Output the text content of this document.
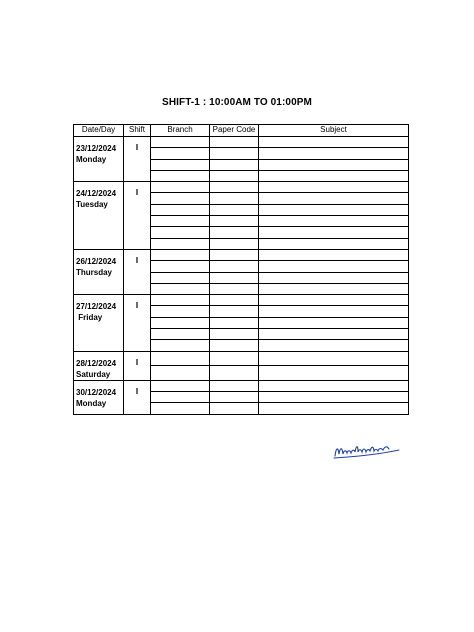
SHIFT-1 : 10:00AM TO 01:00PM
Date/Day	Shift	Branch	Paper Code	Subject

23/12/2024
Monday	I			

24/12/2024
Tuesday	I			

26/12/2024
Thursday	I			

27/12/2024
Friday	I			

28/12/2024
Saturday	I			

30/12/2024
Monday	I			
